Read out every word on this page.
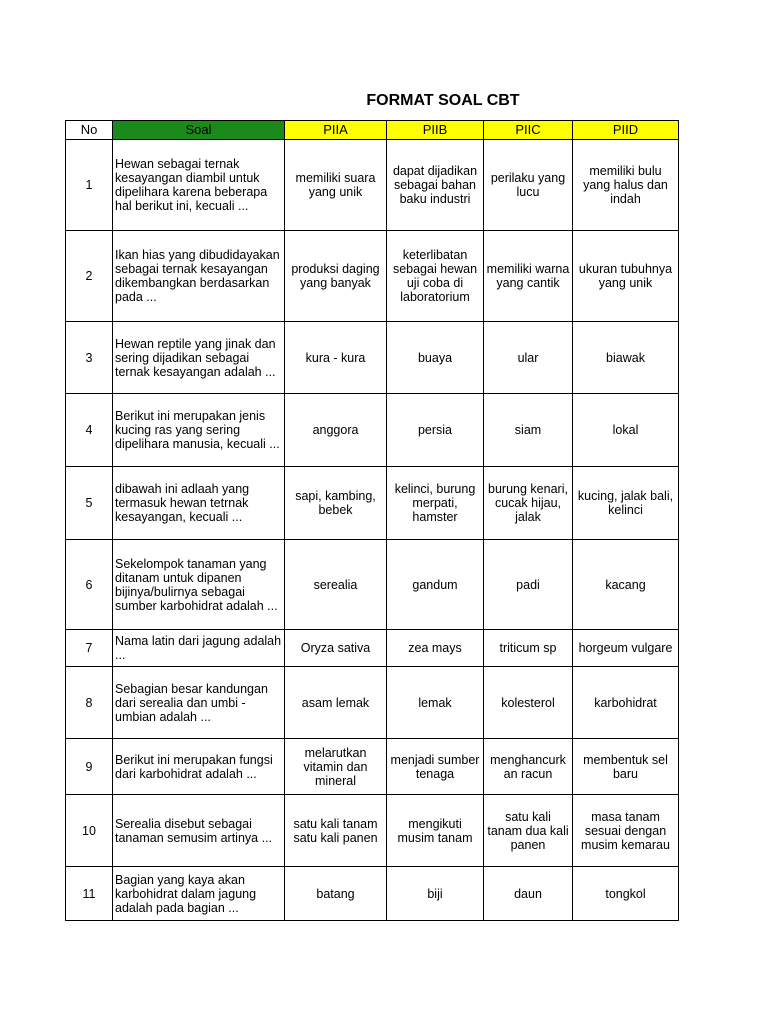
FORMAT SOAL CBT
No	Soal	PIIA	PIIB	PIIC	PIID
1	Hewan sebagai ternak kesayangan diambil untuk dipelihara karena beberapa hal berikut ini, kecuali ...	memiliki suara yang unik	dapat dijadikan sebagai bahan baku industri	perilaku yang lucu	memiliki bulu yang halus dan indah
2	Ikan hias yang dibudidayakan sebagai ternak kesayangan dikembangkan berdasarkan pada ...	produksi daging yang banyak	keterlibatan sebagai hewan uji coba di laboratorium	memiliki warna yang cantik	ukuran tubuhnya yang unik
3	Hewan reptile yang jinak dan sering dijadikan sebagai ternak kesayangan adalah ...	kura - kura	buaya	ular	biawak
4	Berikut ini merupakan jenis kucing ras yang sering dipelihara manusia, kecuali ...	anggora	persia	siam	lokal
5	dibawah ini adlaah yang termasuk hewan tetrnak kesayangan, kecuali ...	sapi, kambing, bebek	kelinci, burung merpati, hamster	burung kenari, cucak hijau, jalak	kucing, jalak bali, kelinci
6	Sekelompok tanaman yang ditanam untuk dipanen bijinya/bulirnya sebagai sumber karbohidrat adalah ...	serealia	gandum	padi	kacang
7	Nama latin dari jagung adalah ...	Oryza sativa	zea mays	triticum sp	horgeum vulgare
8	Sebagian besar kandungan dari serealia dan umbi - umbian adalah ...	asam lemak	lemak	kolesterol	karbohidrat
9	Berikut ini merupakan fungsi dari karbohidrat adalah ...	melarutkan vitamin dan mineral	menjadi sumber tenaga	menghancurk an racun	membentuk sel baru
10	Serealia disebut sebagai tanaman semusim artinya ...	satu kali tanam satu kali panen	mengikuti musim tanam	satu kali tanam dua kali panen	masa tanam sesuai dengan musim kemarau
11	Bagian yang kaya akan karbohidrat dalam jagung adalah pada bagian ...	batang	biji	daun	tongkol
